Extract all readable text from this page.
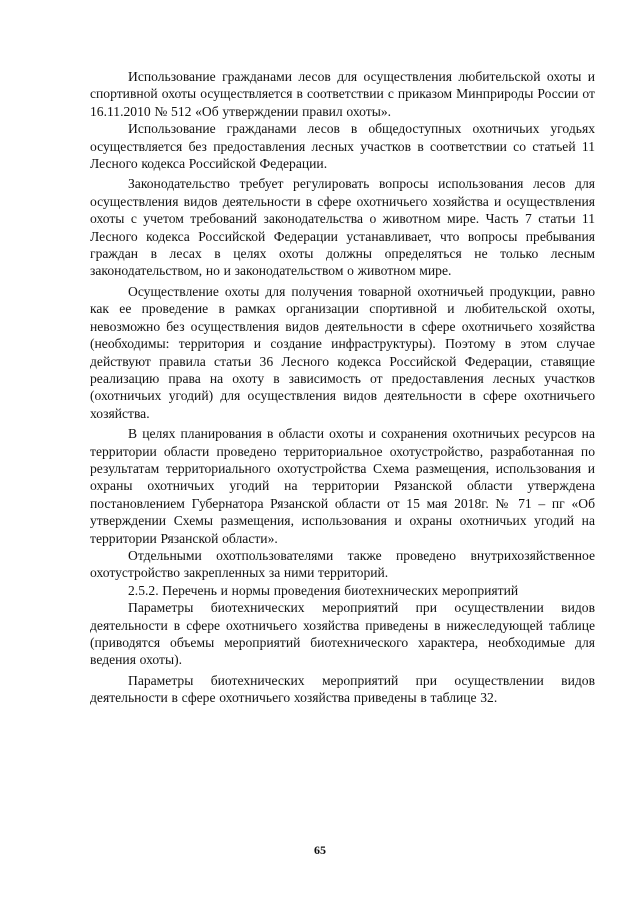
Использование гражданами лесов для осуществления любительской охоты и спортивной охоты осуществляется в соответствии с приказом Минприроды России от 16.11.2010 № 512 «Об утверждении правил охоты».

Использование гражданами лесов в общедоступных охотничьих угодьях осуществляется без предоставления лесных участков в соответствии со статьей 11 Лесного кодекса Российской Федерации.

Законодательство требует регулировать вопросы использования лесов для осуществления видов деятельности в сфере охотничьего хозяйства и осуществления охоты с учетом требований законодательства о животном мире. Часть 7 статьи 11 Лесного кодекса Российской Федерации устанавливает, что вопросы пребывания граждан в лесах в целях охоты должны определяться не только лесным законодательством, но и законодательством о животном мире.

Осуществление охоты для получения товарной охотничьей продукции, равно как ее проведение в рамках организации спортивной и любительской охоты, невозможно без осуществления видов деятельности в сфере охотничьего хозяйства (необходимы: территория и создание инфраструктуры). Поэтому в этом случае действуют правила статьи 36 Лесного кодекса Российской Федерации, ставящие реализацию права на охоту в зависимость от предоставления лесных участков (охотничьих угодий) для осуществления видов деятельности в сфере охотничьего хозяйства.

В целях планирования в области охоты и сохранения охотничьих ресурсов на территории области проведено территориальное охотустройство, разработанная по результатам территориального охотустройства Схема размещения, использования и охраны охотничьих угодий на территории Рязанской области утверждена постановлением Губернатора Рязанской области от 15 мая 2018г. № 71 – пг «Об утверждении Схемы размещения, использования и охраны охотничьих угодий на территории Рязанской области».

Отдельными охотпользователями также проведено внутрихозяйственное охотустройство закрепленных за ними территорий.

2.5.2. Перечень и нормы проведения биотехнических мероприятий

Параметры биотехнических мероприятий при осуществлении видов деятельности в сфере охотничьего хозяйства приведены в нижеследующей таблице (приводятся объемы мероприятий биотехнического характера, необходимые для ведения охоты).

Параметры биотехнических мероприятий при осуществлении видов деятельности в сфере охотничьего хозяйства приведены в таблице 32.

65
